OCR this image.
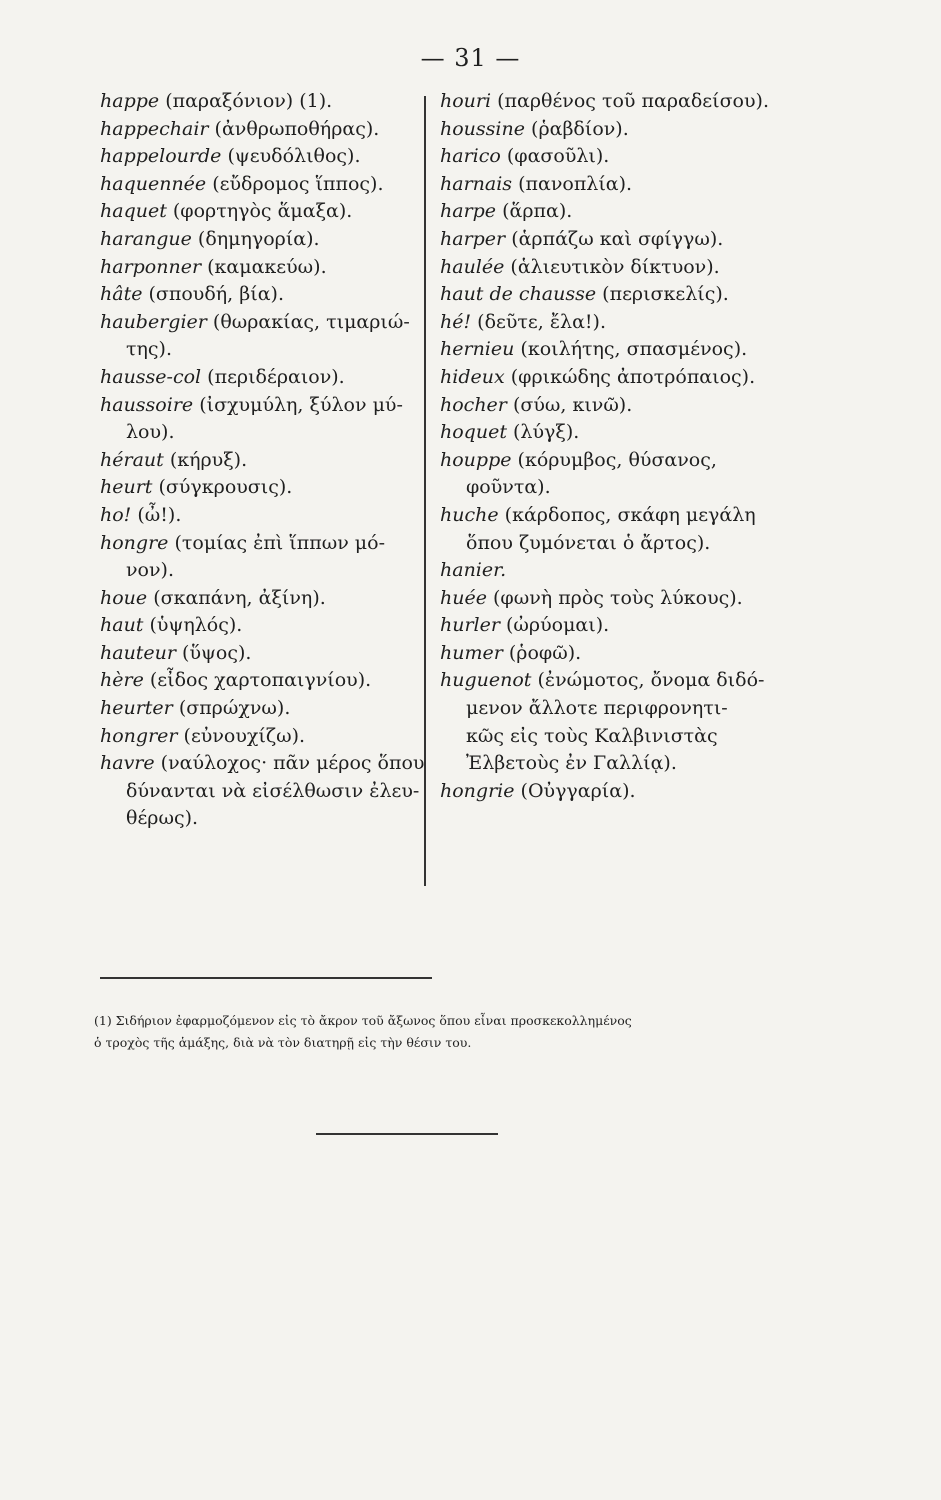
— 31 —
happe (παραξόνιον) (1).
happechair (ἀνθρωποθήρας).
happelourde (ψευδόλιθος).
haquennée (εὔδρομος ἵππος).
haquet (φορτηγὸς ἅμαξα).
harangue (δημηγορία).
harponner (καμακεύω).
hâte (σπουδή, βία).
haubergier (θωρακίας, τιμαριώ-
της).
hausse-col (περιδέραιον).
haussoire (ἰσχυμύλη, ξύλον μύ-
λου).
héraut (κήρυξ).
heurt (σύγκρουσις).
ho! (ὦ!).
hongre (τομίας ἐπὶ ἵππων μό-
νον).
houe (σκαπάνη, ἀξίνη).
haut (ὑψηλός).
hauteur (ὕψος).
hère (εἶδος χαρτοπαιγνίου).
heurter (σπρώχνω).
hongrer (εὐνουχίζω).
havre (ναύλοχος· πᾶν μέρος ὅπου
δύνανται νὰ εἰσέλθωσιν ἐλευ-
θέρως).
houri (παρθένος τοῦ παραδείσου).
houssine (ῥαβδίον).
harico (φασοῦλι).
harnais (πανοπλία).
harpe (ἅρπα).
harper (ἁρπάζω καὶ σφίγγω).
haulée (ἁλιευτικὸν δίκτυον).
haut de chausse (περισκελίς).
hé! (δεῦτε, ἔλα!).
hernieu (κοιλήτης, σπασμένος).
hideux (φρικώδης ἀποτρόπαιος).
hocher (σύω, κινῶ).
hoquet (λύγξ).
houppe (κόρυμβος, θύσανος,
φοῦντα).
huche (κάρδοπος, σκάφη μεγάλη
ὅπου ζυμόνεται ὁ ἄρτος).
hanier.
huée (φωνὴ πρὸς τοὺς λύκους).
hurler (ὠρύομαι).
humer (ῥοφῶ).
huguenot (ἐνώμοτος, ὄνομα διδό-
μενον ἄλλοτε περιφρονητι-
κῶς εἰς τοὺς Καλβινιστὰς
Ἐλβετοὺς ἐν Γαλλίᾳ).
hongrie (Οὐγγαρία).
(1) Σιδήριον ἐφαρμοζόμενον εἰς τὸ ἄκρον τοῦ ἄξωνος ὅπου εἶναι προσκεκολλημένος
ὁ τροχὸς τῆς ἁμάξης, διὰ νὰ τὸν διατηρῇ εἰς τὴν θέσιν του.
